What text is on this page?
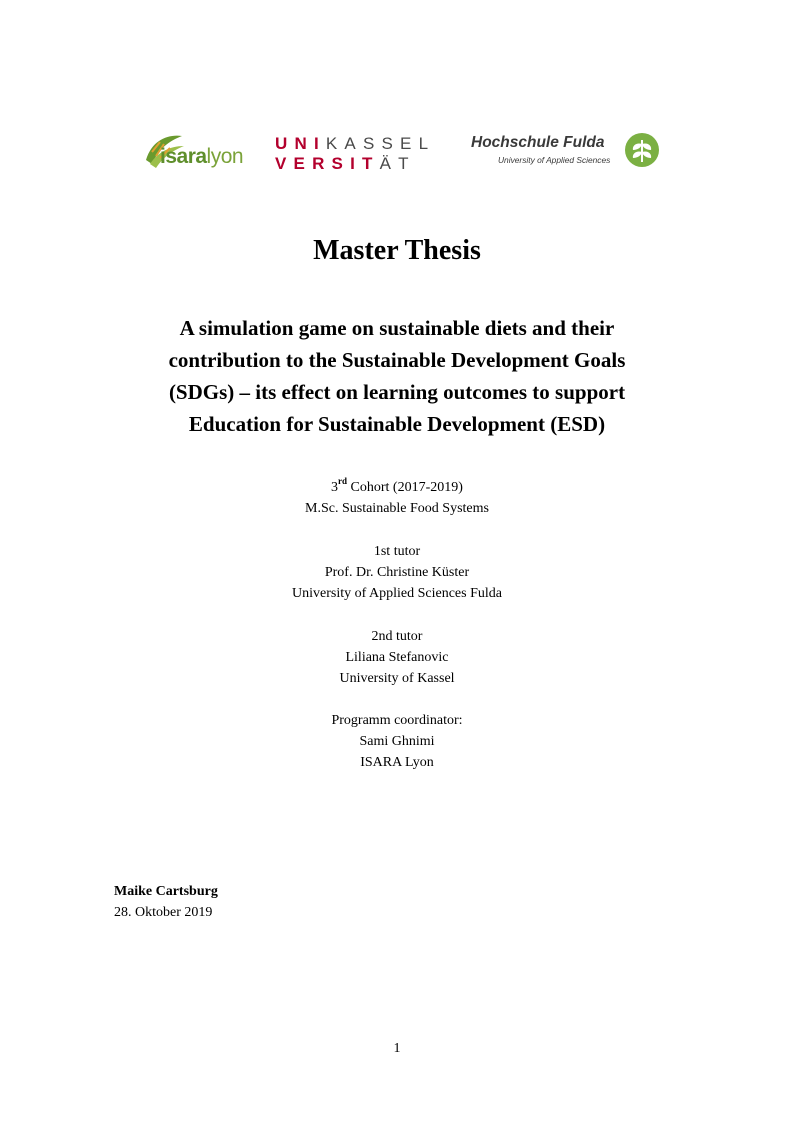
isaralyon
UNIKASSEL
VERSITÄT
Hochschule Fulda
University of Applied Sciences
Master Thesis
A simulation game on sustainable diets and their
contribution to the Sustainable Development Goals
(SDGs) – its effect on learning outcomes to support
Education for Sustainable Development (ESD)
3rd Cohort (2017-2019)
M.Sc. Sustainable Food Systems
1st tutor
Prof. Dr. Christine Küster
University of Applied Sciences Fulda
2nd tutor
Liliana Stefanovic
University of Kassel
Programm coordinator:
Sami Ghnimi
ISARA Lyon
Maike Cartsburg
28. Oktober 2019
1
